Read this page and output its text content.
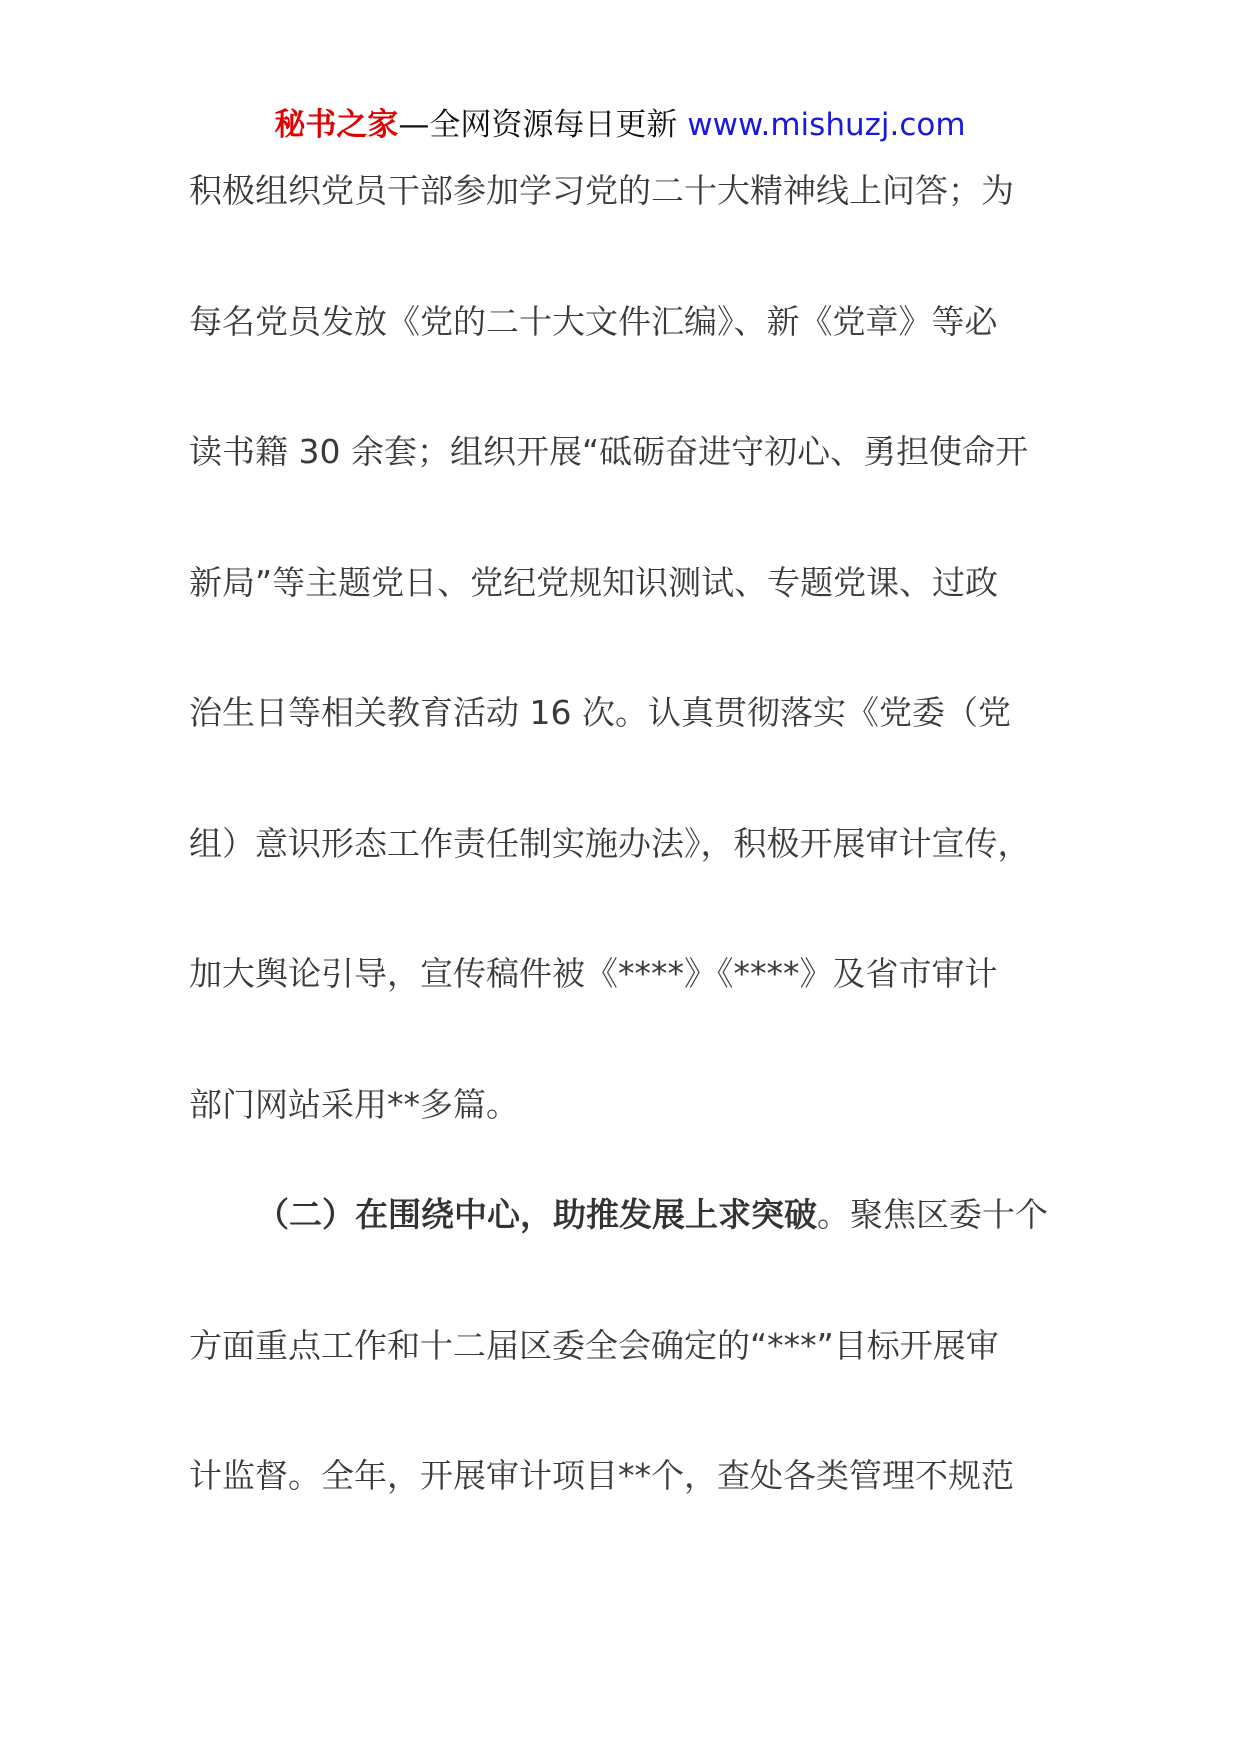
秘书之家—全网资源每日更新 www.mishuzj.com
积极组织党员干部参加学习党的二十大精神线上问答；为
每名党员发放《党的二十大文件汇编》、新《党章》等必
读书籍 30 余套；组织开展“砥砺奋进守初心、勇担使命开
新局”等主题党日、党纪党规知识测试、专题党课、过政
治生日等相关教育活动 16 次。认真贯彻落实《党委（党
组）意识形态工作责任制实施办法》，积极开展审计宣传，
加大舆论引导，宣传稿件被《****》《****》及省市审计
部门网站采用**多篇。
（二）在围绕中心，助推发展上求突破。聚焦区委十个
方面重点工作和十二届区委全会确定的“***”目标开展审
计监督。全年，开展审计项目**个，查处各类管理不规范
